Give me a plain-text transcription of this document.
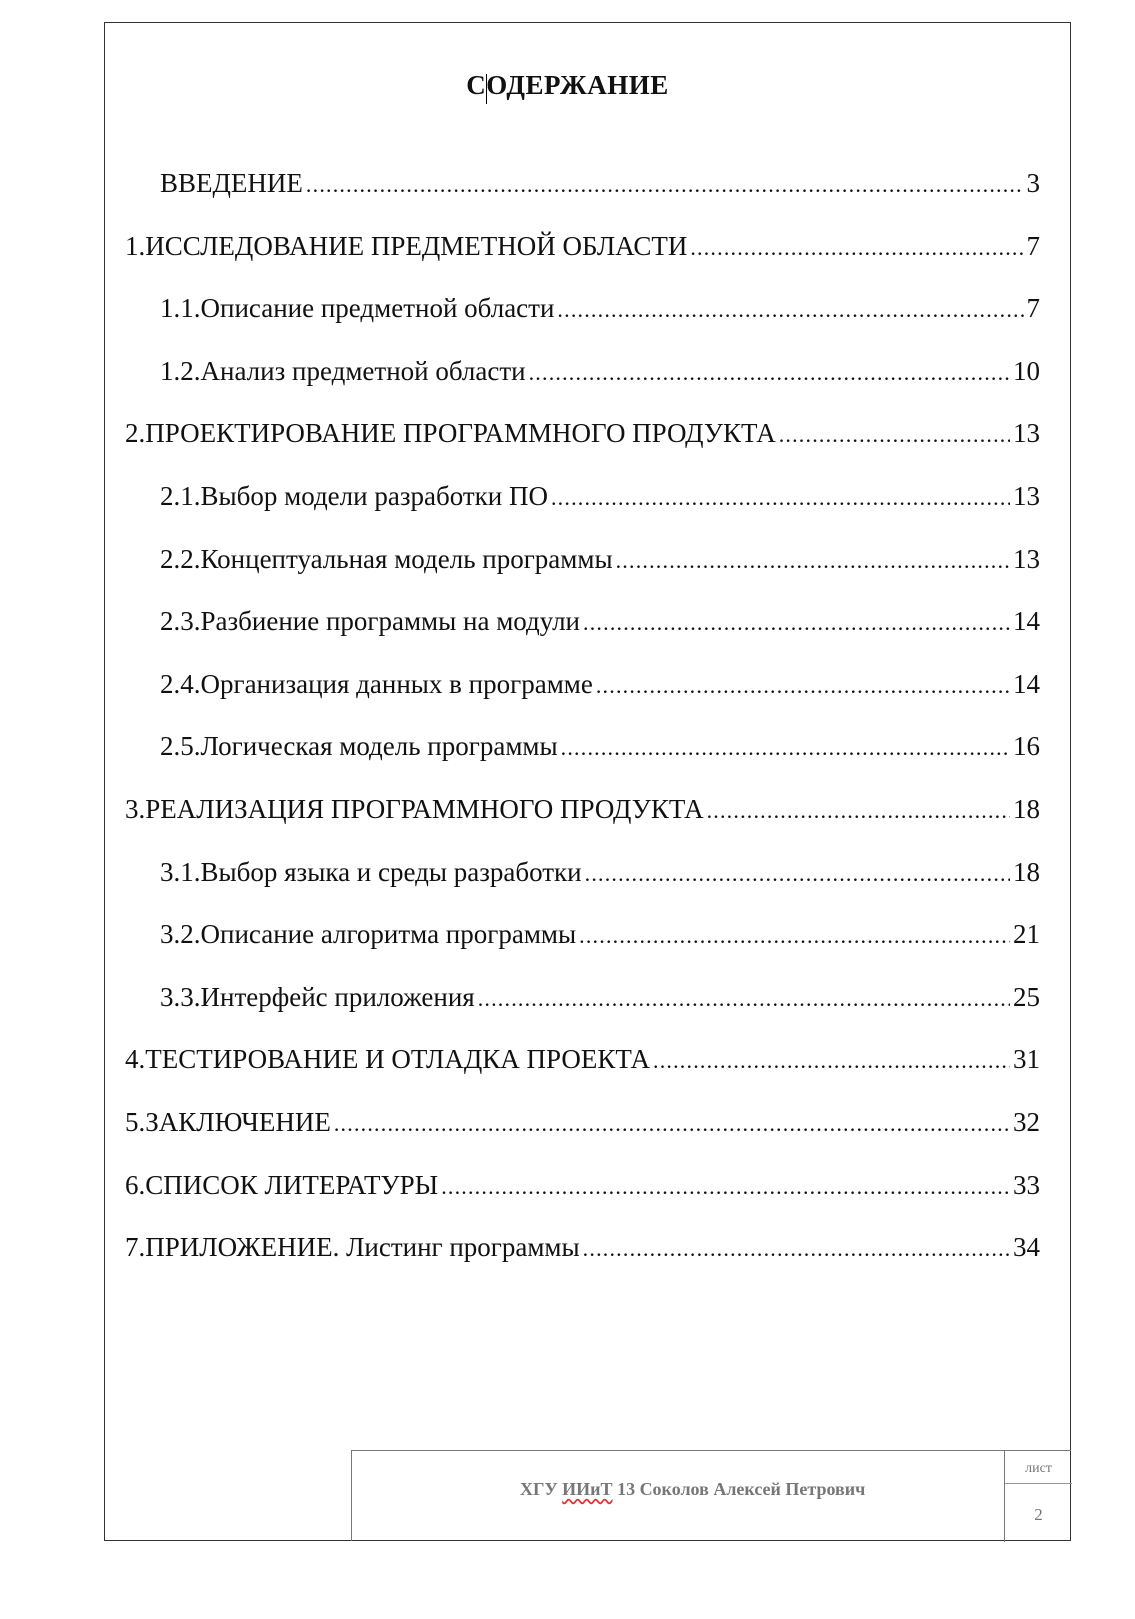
СОДЕРЖАНИЕ
ВВЕДЕНИЕ .....	3
1. ИССЛЕДОВАНИЕ ПРЕДМЕТНОЙ ОБЛАСТИ .....	7
1.1. Описание предметной области .....	7
1.2. Анализ предметной области .....	10
2. ПРОЕКТИРОВАНИЕ ПРОГРАММНОГО ПРОДУКТА .....	13
2.1. Выбор модели разработки ПО .....	13
2.2. Концептуальная модель программы .....	13
2.3. Разбиение программы на модули .....	14
2.4. Организация данных в программе .....	14
2.5. Логическая модель программы .....	16
3. РЕАЛИЗАЦИЯ ПРОГРАММНОГО ПРОДУКТА .....	18
3.1. Выбор языка и среды разработки .....	18
3.2. Описание алгоритма программы .....	21
3.3. Интерфейс приложения .....	25
4. ТЕСТИРОВАНИЕ И ОТЛАДКА ПРОЕКТА .....	31
5. ЗАКЛЮЧЕНИЕ .....	32
6. СПИСОК ЛИТЕРАТУРЫ .....	33
7. ПРИЛОЖЕНИЕ. Листинг программы .....	34
ХГУ ИИиТ 13 Соколов Алексей Петрович
лист
2
